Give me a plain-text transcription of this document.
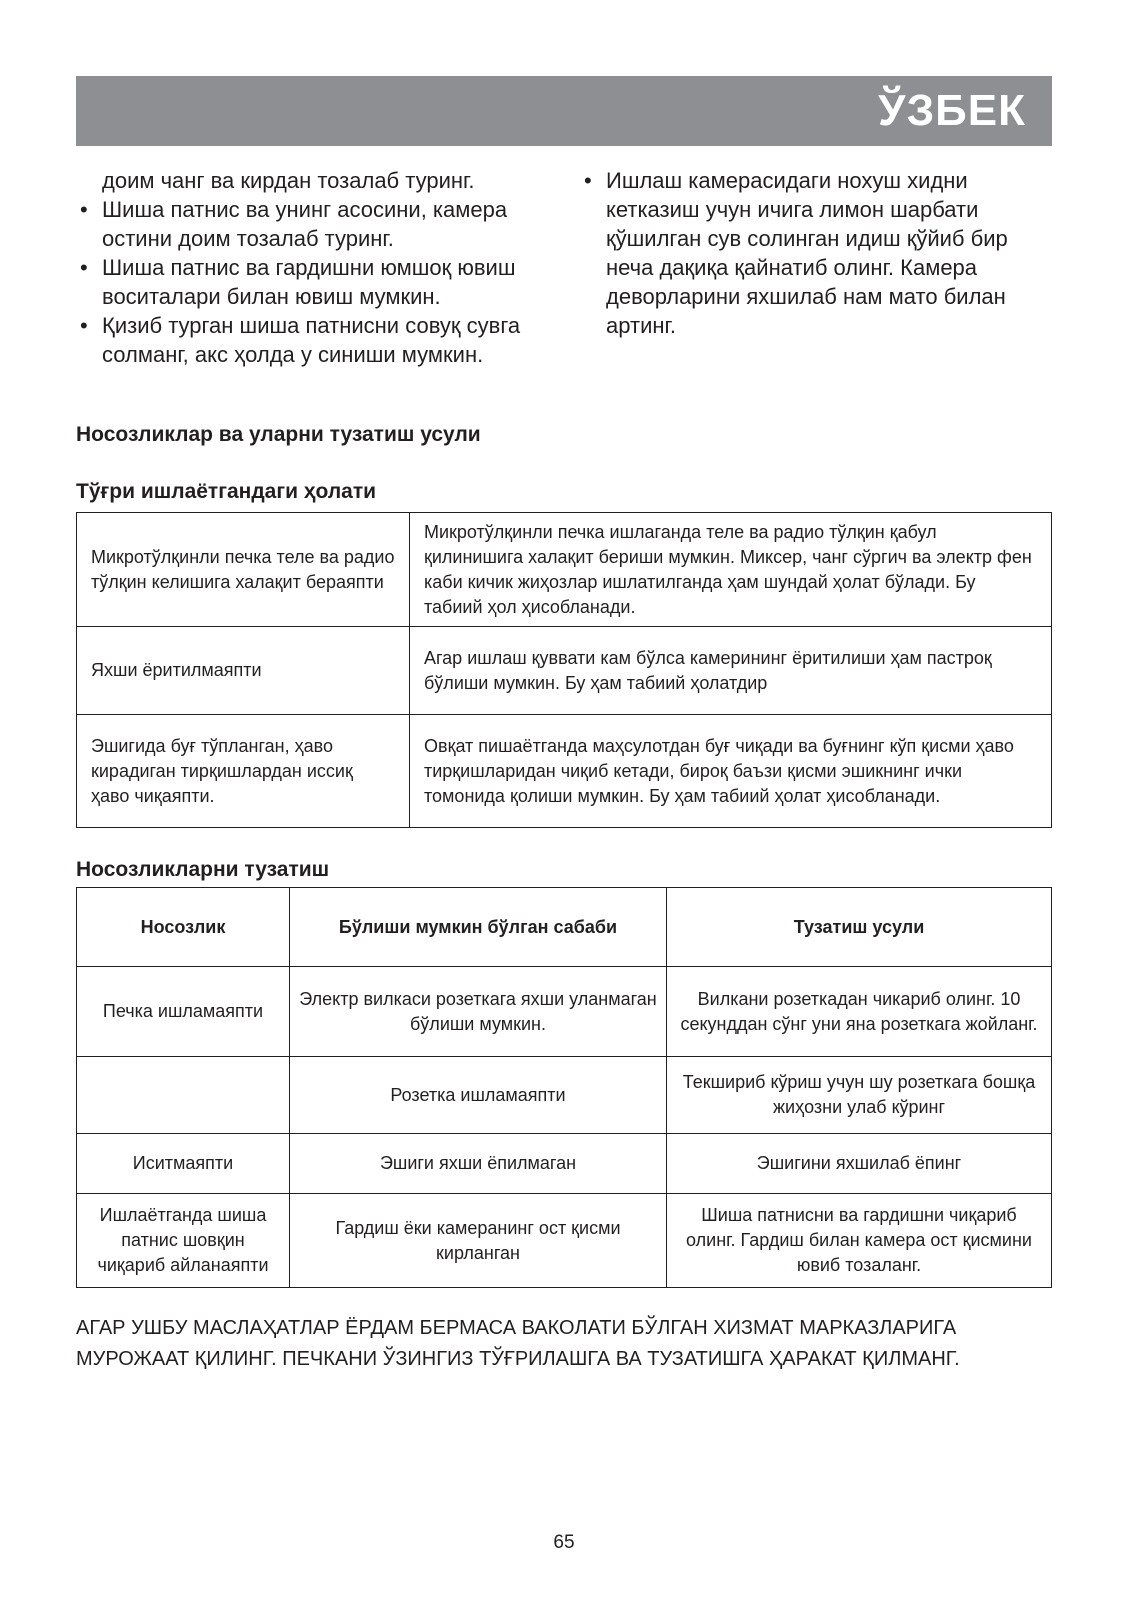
ЎЗБЕК

доим чанг ва кирдан тозалаб туринг.

• Шиша патнис ва унинг асосини, камера остини доим тозалаб туринг.

• Шиша патнис ва гардишни юмшоқ ювиш воситалари билан ювиш мумкин.

• Қизиб турган шиша патнисни совуқ сувга солманг, акс ҳолда у синиши мумкин.

• Ишлаш камерасидаги нохуш хидни кетказиш учун ичига лимон шарбати қўшилган сув солинган идиш қўйиб бир неча дақиқа қайнатиб олинг. Камера деворларини яхшилаб нам мато билан артинг.

Носозликлар ва уларни тузатиш усули
Тўғри ишлаётгандаги ҳолати
Микротўлқинли печка теле ва радио тўлқин келишига халақит бераяпти	Микротўлқинли печка ишлаганда теле ва радио тўлқин қабул қилинишига халақит бериши мумкин. Миксер, чанг сўргич ва электр фен каби кичик жиҳозлар ишлатилганда ҳам шундай ҳолат бўлади. Бу табиий ҳол ҳисобланади.
Яхши ёритилмаяпти	Агар ишлаш қуввати кам бўлса камерининг ёритилиши ҳам пастроқ бўлиши мумкин. Бу ҳам табиий ҳолатдир
Эшигида буғ тўпланган, ҳаво кирадиган тирқишлардан иссиқ ҳаво чиқаяпти.	Овқат пишаётганда маҳсулотдан буғ чиқади ва буғнинг кўп қисми ҳаво тирқишларидан чиқиб кетади, бироқ баъзи қисми эшикнинг ички томонида қолиши мумкин. Бу ҳам табиий ҳолат ҳисобланади.
Носозликларни тузатиш
Носозлик	Бўлиши мумкин бўлган сабаби	Тузатиш усули
Печка ишламаяпти	Электр вилкаси розеткага яхши уланмаган бўлиши мумкин.	Вилкани розеткадан чикариб олинг. 10 секунддан сўнг уни яна розеткага жойланг.
	Розетка ишламаяпти	Текшириб кўриш учун шу розеткага бошқа жиҳозни улаб кўринг
Иситмаяпти	Эшиги яхши ёпилмаган	Эшигини яхшилаб ёпинг
Ишлаётганда шиша патнис шовқин чиқариб айланаяпти	Гардиш ёки камеранинг ост қисми кирланган	Шиша патнисни ва гардишни чиқариб олинг. Гардиш билан камера ост қисмини ювиб тозаланг.
АГАР УШБУ МАСЛАҲАТЛАР ЁРДАМ БЕРМАСА ВАКОЛАТИ БЎЛГАН ХИЗМАТ МАРКАЗЛАРИГА МУРОЖААТ ҚИЛИНГ. ПЕЧКАНИ ЎЗИНГИЗ ТЎҒРИЛАШГА ВА ТУЗАТИШГА ҲАРАКАТ ҚИЛМАНГ.
65
